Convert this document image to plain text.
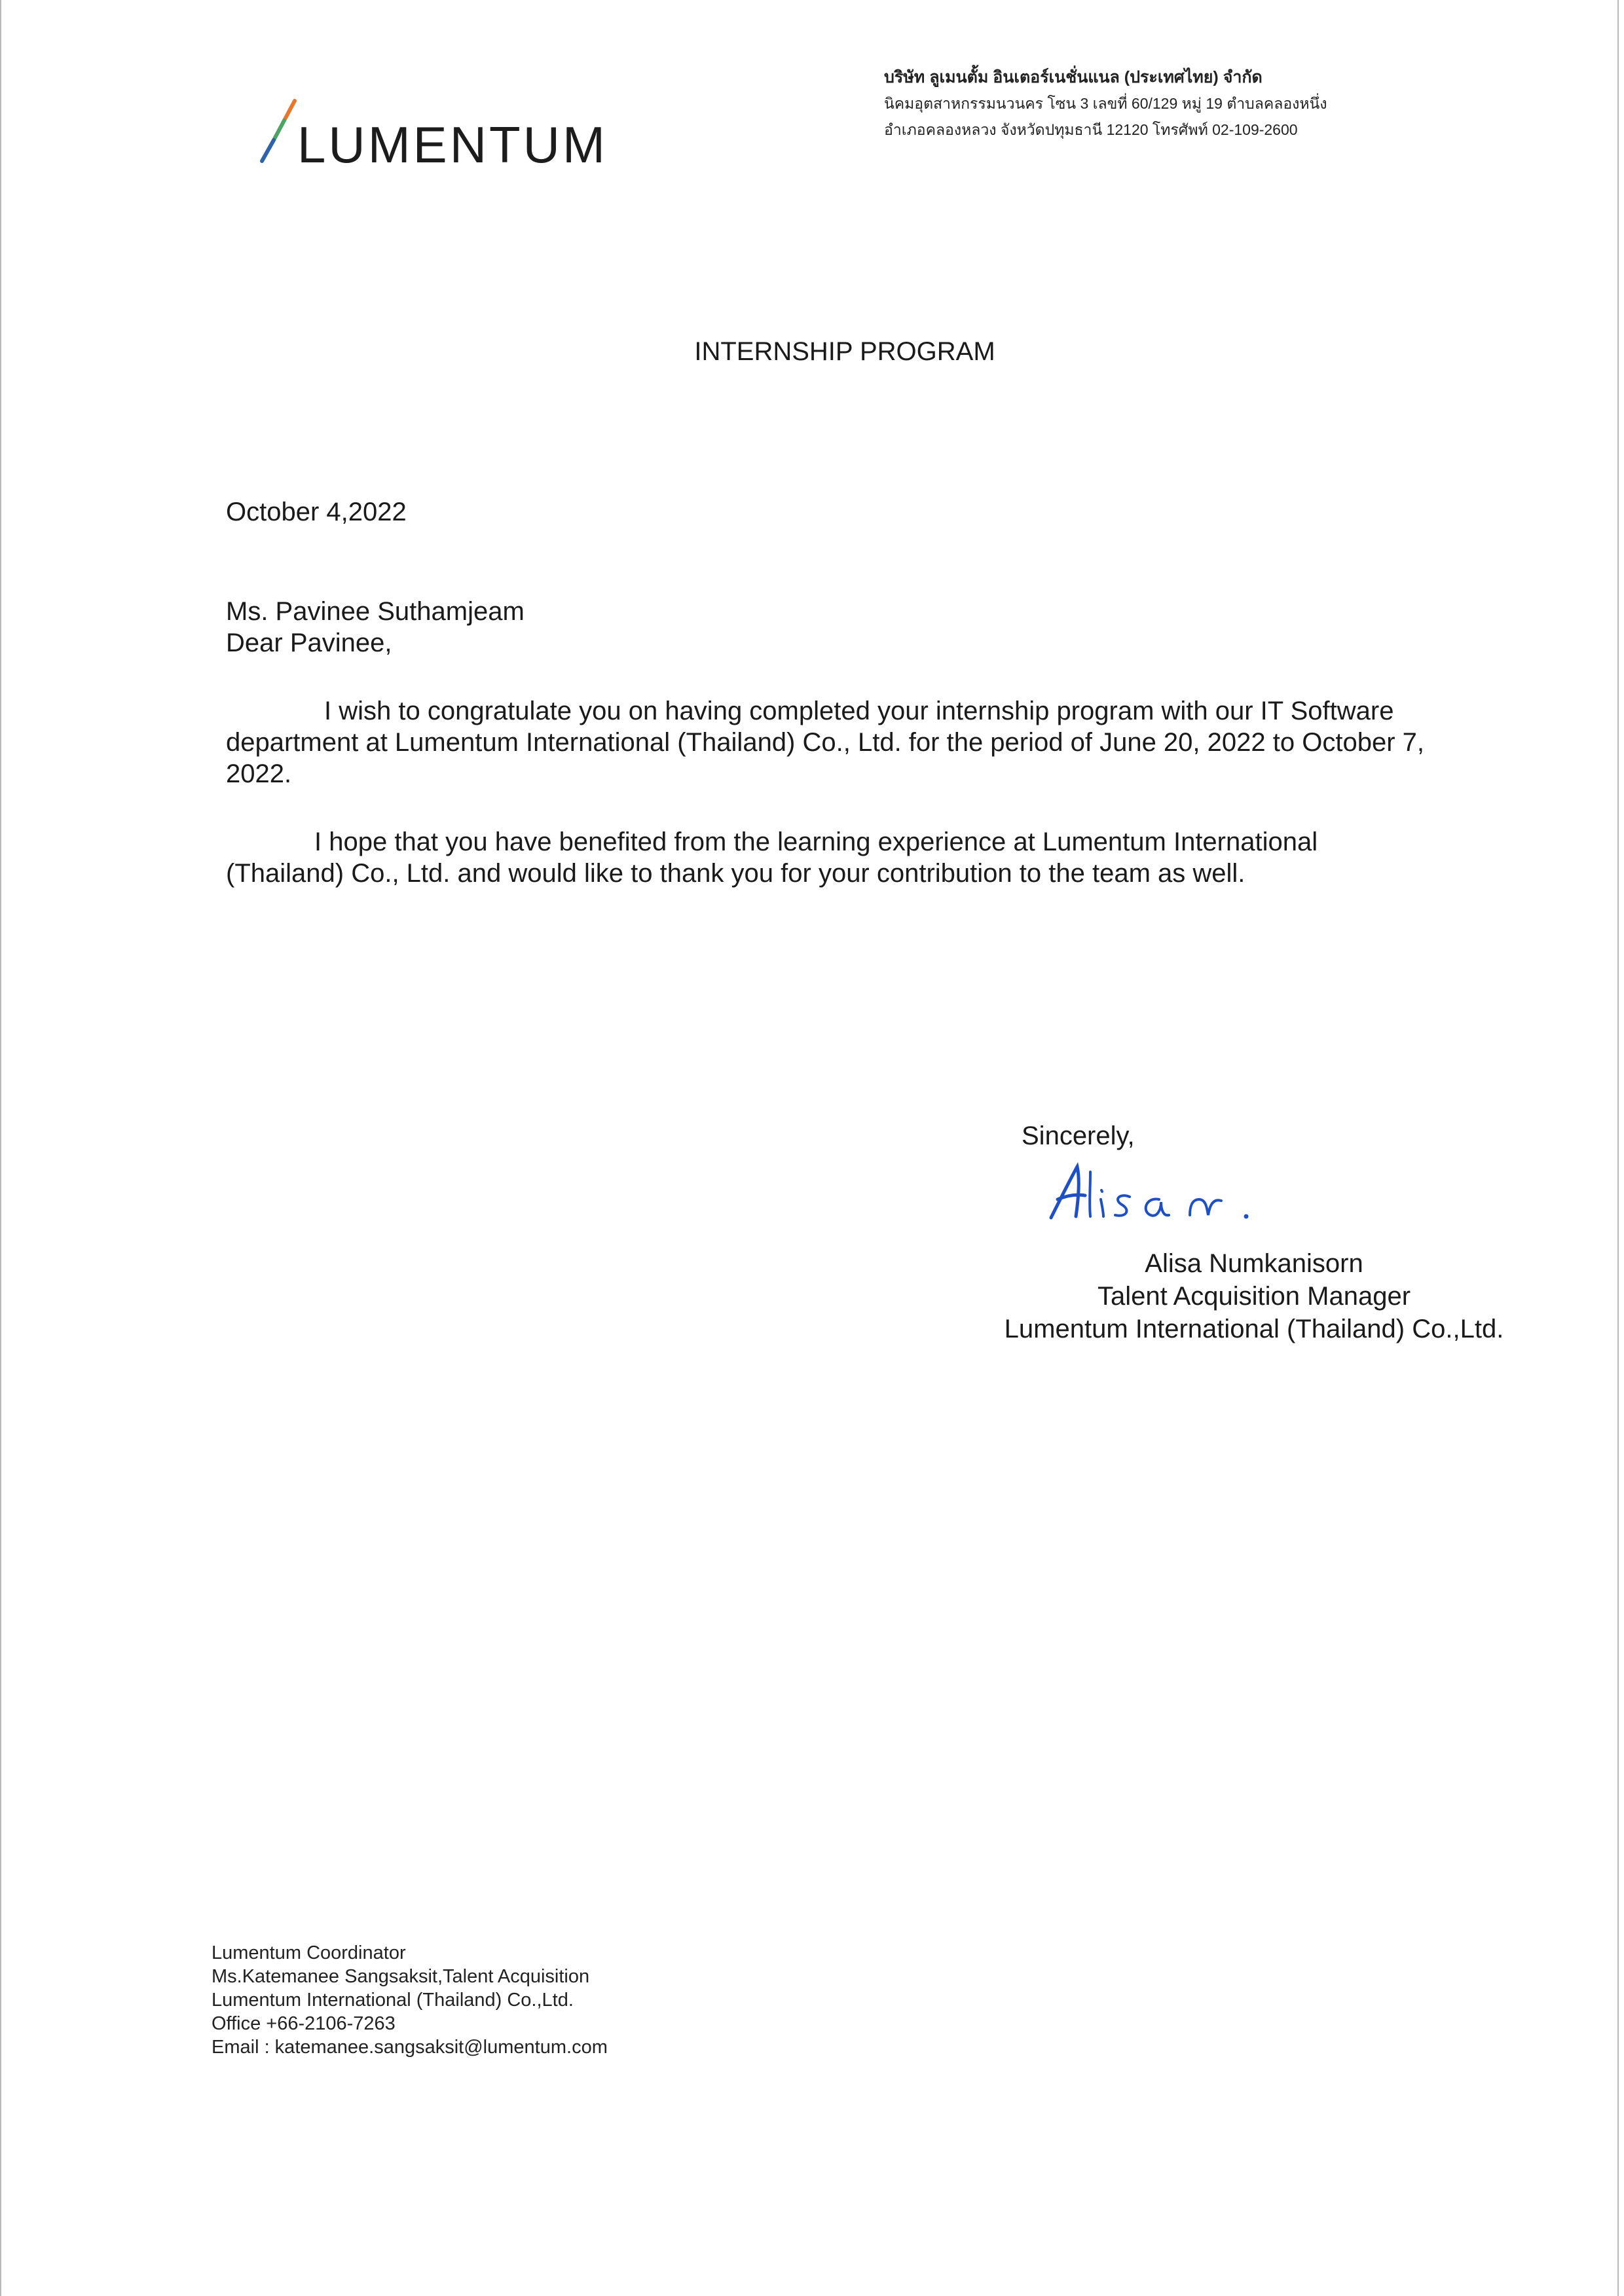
LUMENTUM
บริษัท ลูเมนตั้ม อินเตอร์เนชั่นแนล (ประเทศไทย) จำกัด
นิคมอุตสาหกรรมนวนคร โซน 3 เลขที่ 60/129 หมู่ 19 ตำบลคลองหนึ่ง
อำเภอคลองหลวง จังหวัดปทุมธานี 12120 โทรศัพท์ 02-109-2600
INTERNSHIP PROGRAM
October 4,2022
Ms. Pavinee Suthamjeam
Dear Pavinee,
I wish to congratulate you on having completed your internship program with our IT Software department at Lumentum International (Thailand) Co., Ltd. for the period of June 20, 2022 to October 7, 2022.
I hope that you have benefited from the learning experience at Lumentum International (Thailand) Co., Ltd. and would like to thank you for your contribution to the team as well.
Sincerely,
Alisa Numkanisorn
Talent Acquisition Manager
Lumentum International (Thailand) Co.,Ltd.
Lumentum Coordinator
Ms.Katemanee Sangsaksit,Talent Acquisition
Lumentum International (Thailand) Co.,Ltd.
Office +66-2106-7263
Email : katemanee.sangsaksit@lumentum.com
